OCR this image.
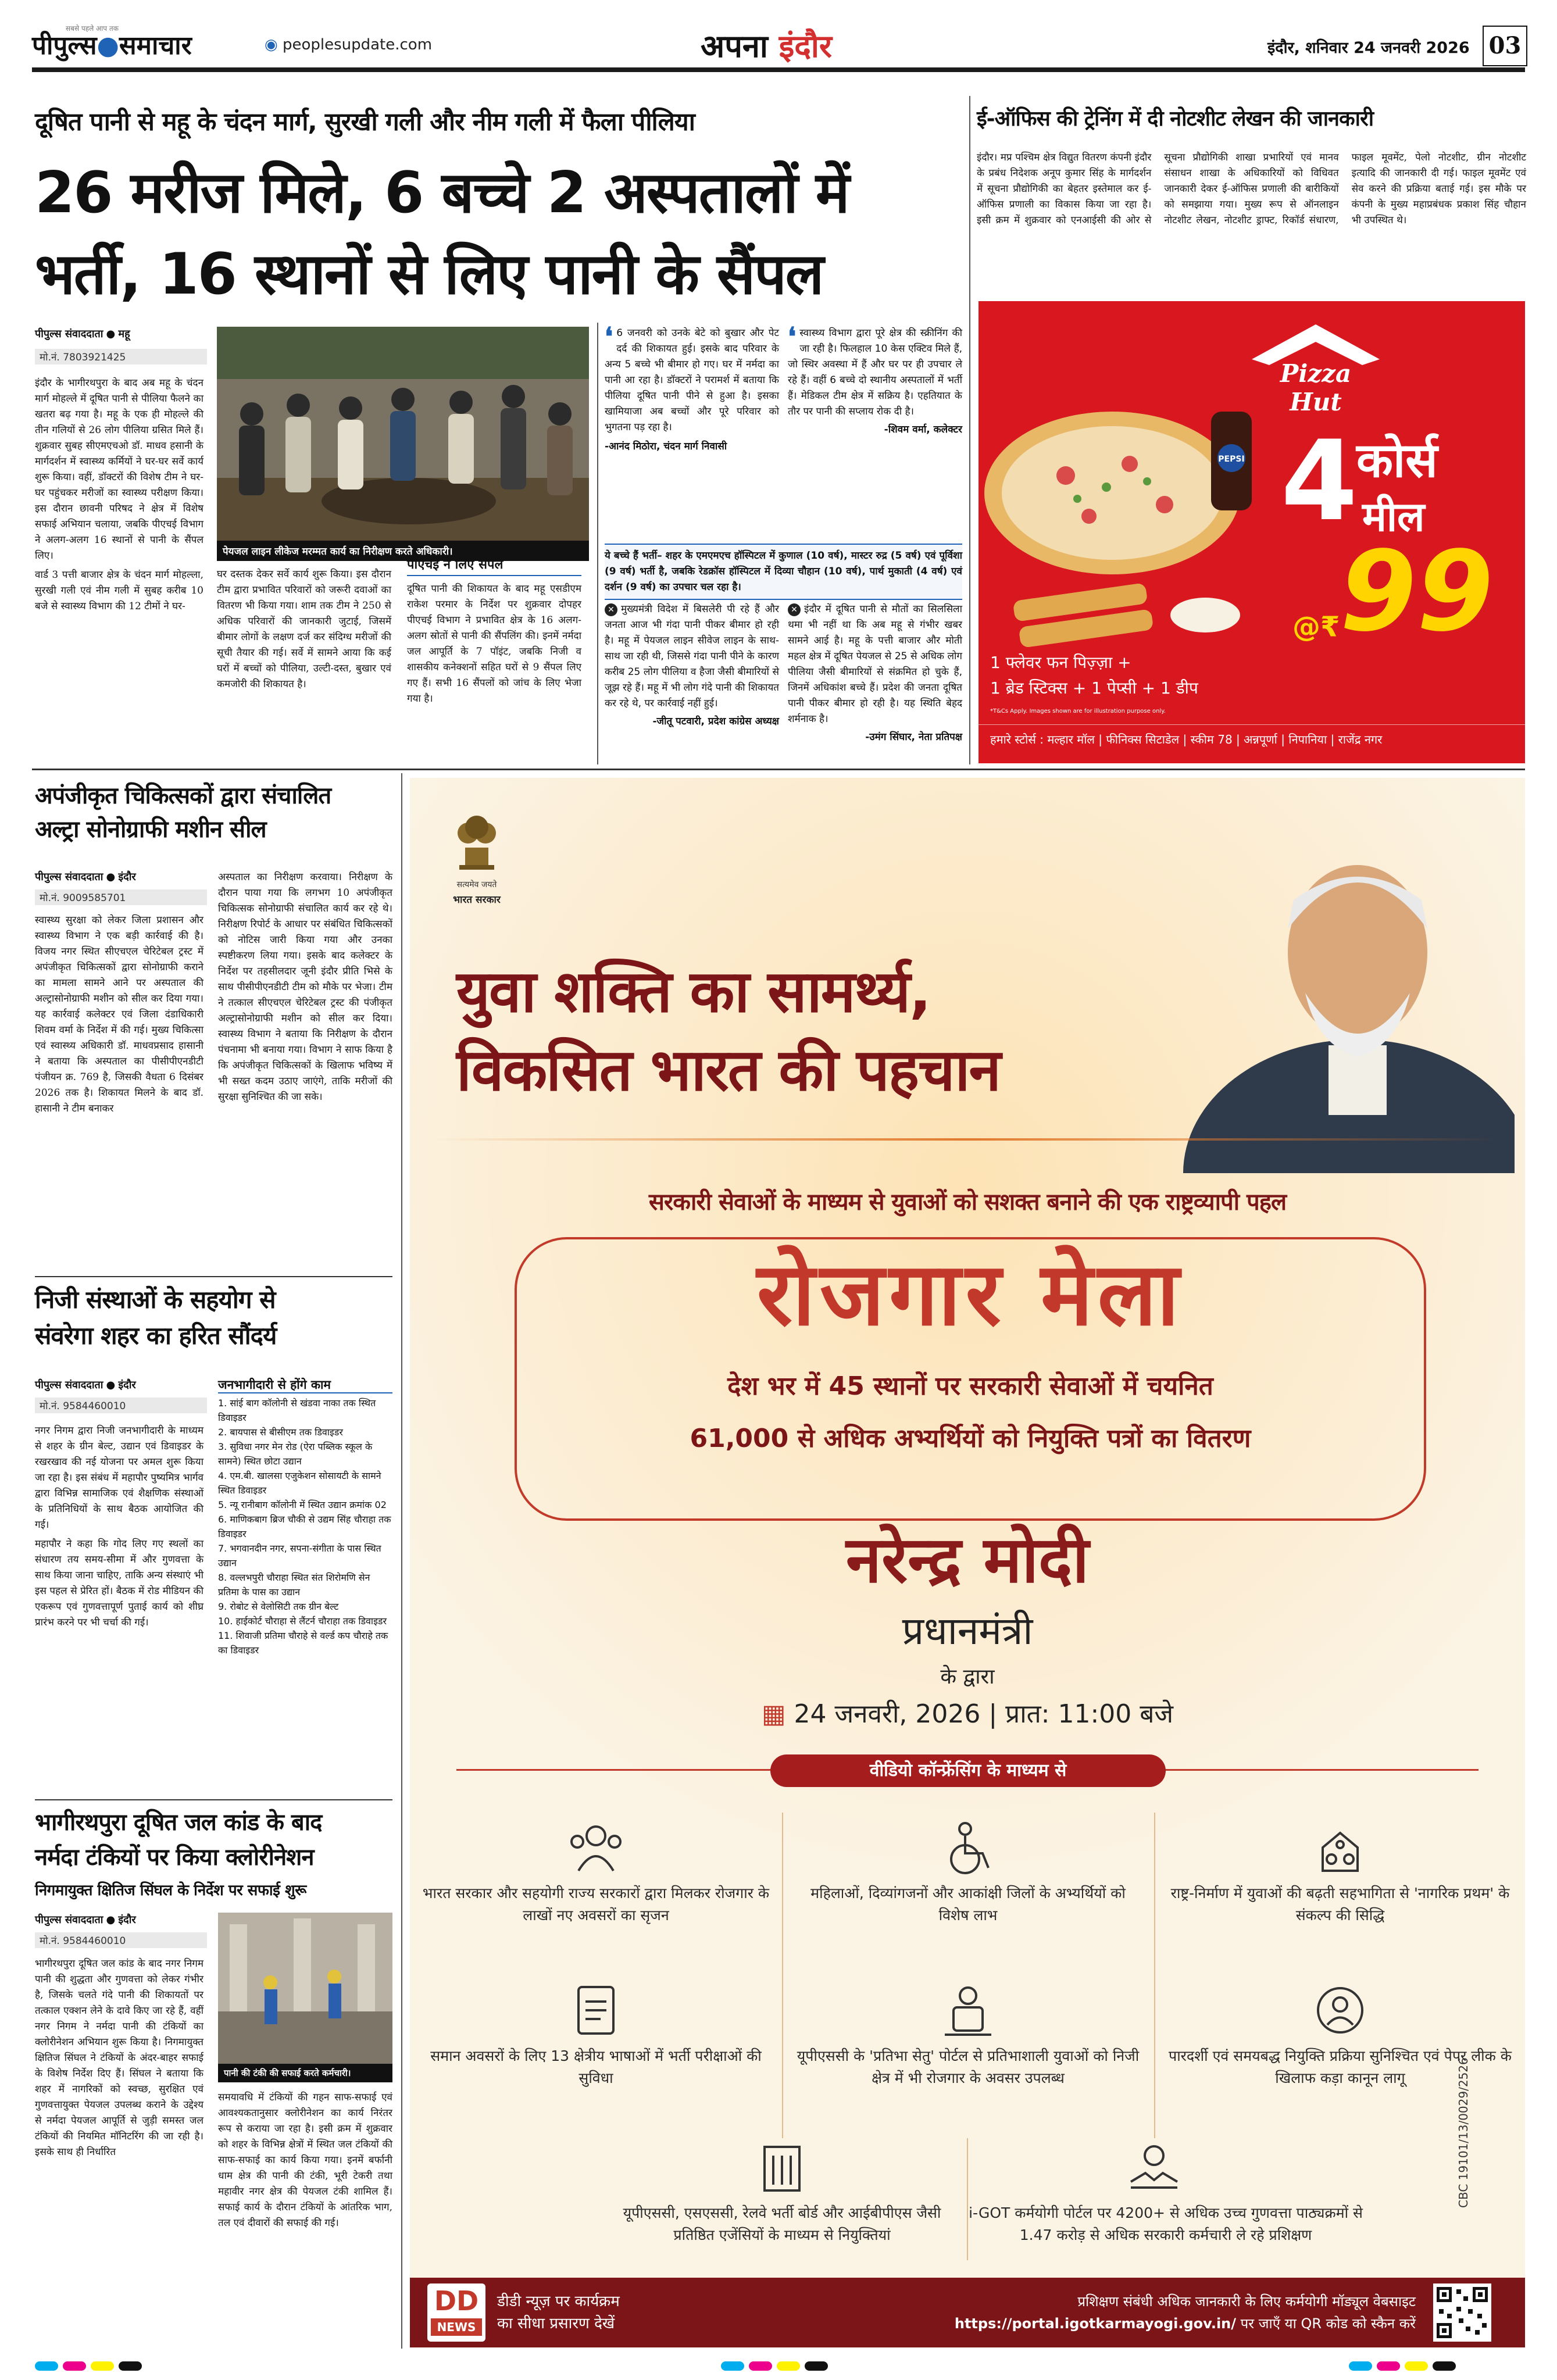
पीपुल्स●समाचार
सबसे पहले आप तक
◉ peoplesupdate.com	अपना इंदौर	इंदौर, शनिवार 24 जनवरी 2026 03
दूषित पानी से महू के चंदन मार्ग, सुरखी गली और नीम गली में फैला पीलिया
26 मरीज मिले, 6 बच्चे 2 अस्पतालों में
भर्ती, 16 स्थानों से लिए पानी के सैंपल
पीपुल्स संवाददाता ● महू
मो.नं. 7803921425

इंदौर के भागीरथपुरा के बाद अब महू के चंदन मार्ग मोहल्ले में दूषित पानी से पीलिया फैलने का खतरा बढ़ गया है। महू के एक ही मोहल्ले की तीन गलियों से 26 लोग पीलिया ग्रसित मिले हैं। शुक्रवार सुबह सीएमएचओ डॉ. माधव हसानी के मार्गदर्शन में स्वास्थ्य कर्मियों ने घर-घर सर्वे कार्य शुरू किया। वहीं, डॉक्टरों की विशेष टीम ने घर-घर पहुंचकर मरीजों का स्वास्थ्य परीक्षण किया। इस दौरान छावनी परिषद ने क्षेत्र में विशेष सफाई अभियान चलाया, जबकि पीएचई विभाग ने अलग-अलग 16 स्थानों से पानी के सैंपल लिए।

वार्ड 3 पत्ती बाजार क्षेत्र के चंदन मार्ग मोहल्ला, सुरखी गली एवं नीम गली में सुबह करीब 10 बजे से स्वास्थ्य विभाग की 12 टीमों ने घर-

पेयजल लाइन लीकेज मरम्मत कार्य का निरीक्षण करते अधिकारी।
घर दस्तक देकर सर्वे कार्य शुरू किया। इस दौरान टीम द्वारा प्रभावित परिवारों को जरूरी दवाओं का वितरण भी किया गया। शाम तक टीम ने 250 से अधिक परिवारों की जानकारी जुटाई, जिसमें बीमार लोगों के लक्षण दर्ज कर संदिग्ध मरीजों की सूची तैयार की गई। सर्वे में सामने आया कि कई घरों में बच्चों को पीलिया, उल्टी-दस्त, बुखार एवं कमजोरी की शिकायत है।
पीएचई ने लिए सैंपल
दूषित पानी की शिकायत के बाद महू एसडीएम राकेश परमार के निर्देश पर शुक्रवार दोपहर पीएचई विभाग ने प्रभावित क्षेत्र के 16 अलग-अलग स्रोतों से पानी की सैंपलिंग की। इनमें नर्मदा जल आपूर्ति के 7 पॉइंट, जबकि निजी व शासकीय कनेक्शनों सहित घरों से 9 सैंपल लिए गए हैं। सभी 16 सैंपलों को जांच के लिए भेजा गया है।
❛ 6 जनवरी को उनके बेटे को बुखार और पेट दर्द की शिकायत हुई। इसके बाद परिवार के अन्य 5 बच्चे भी बीमार हो गए। घर में नर्मदा का पानी आ रहा है। डॉक्टरों ने परामर्श में बताया कि पीलिया दूषित पानी पीने से हुआ है। इसका खामियाजा अब बच्चों और पूरे परिवार को भुगतना पड़ रहा है।
-आनंद मिठोरा, चंदन मार्ग निवासी
❛ स्वास्थ्य विभाग द्वारा पूरे क्षेत्र की स्क्रीनिंग की जा रही है। फिलहाल 10 केस एक्टिव मिले हैं, जो स्थिर अवस्था में हैं और घर पर ही उपचार ले रहे हैं। वहीं 6 बच्चे दो स्थानीय अस्पतालों में भर्ती हैं। मेडिकल टीम क्षेत्र में सक्रिय है। एहतियात के तौर पर पानी की सप्लाय रोक दी है।
-शिवम वर्मा, कलेक्टर
ये बच्चे हैं भर्ती– शहर के एमएमएच हॉस्पिटल में कुणाल (10 वर्ष), मास्टर रुद्र (5 वर्ष) एवं पूर्विशा (9 वर्ष) भर्ती है, जबकि रेडक्रॉस हॉस्पिटल में दिव्या चौहान (10 वर्ष), पार्थ मुकाती (4 वर्ष) एवं दर्शन (9 वर्ष) का उपचार चल रहा है।
✕ मुख्यमंत्री विदेश में बिसलेरी पी रहे हैं और जनता आज भी गंदा पानी पीकर बीमार हो रही है। महू में पेयजल लाइन सीवेज लाइन के साथ-साथ जा रही थी, जिससे गंदा पानी पीने के कारण करीब 25 लोग पीलिया व हैजा जैसी बीमारियों से जूझ रहे हैं। महू में भी लोग गंदे पानी की शिकायत कर रहे थे, पर कार्रवाई नहीं हुई।
-जीतू पटवारी, प्रदेश कांग्रेस अध्यक्ष
✕ इंदौर में दूषित पानी से मौतों का सिलसिला थमा भी नहीं था कि अब महू से गंभीर खबर सामने आई है। महू के पत्ती बाजार और मोती महल क्षेत्र में दूषित पेयजल से 25 से अधिक लोग पीलिया जैसी बीमारियों से संक्रमित हो चुके हैं, जिनमें अधिकांश बच्चे हैं। प्रदेश की जनता दूषित पानी पीकर बीमार हो रही है। यह स्थिति बेहद शर्मनाक है।
-उमंग सिंघार, नेता प्रतिपक्ष
ई-ऑफिस की ट्रेनिंग में दी नोटशीट लेखन की जानकारी
इंदौर। मप्र पश्चिम क्षेत्र विद्युत वितरण कंपनी इंदौर के प्रबंध निदेशक अनूप कुमार सिंह के मार्गदर्शन में सूचना प्रौद्योगिकी का बेहतर इस्तेमाल कर ई-ऑफिस प्रणाली का विकास किया जा रहा है। इसी क्रम में शुक्रवार को एनआईसी की ओर से सूचना प्रौद्योगिकी शाखा प्रभारियों एवं मानव संसाधन शाखा के अधिकारियों को विधिवत जानकारी देकर ई-ऑफिस प्रणाली की बारीकियों को समझाया गया। मुख्य रूप से ऑनलाइन नोटशीट लेखन, नोटशीट ड्राफ्ट, रिकॉर्ड संधारण, फाइल मूवमेंट, पेलो नोटशीट, ग्रीन नोटशीट इत्यादि की जानकारी दी गई। फाइल मूवमेंट एवं सेव करने की प्रक्रिया बताई गई। इस मौके पर कंपनी के मुख्य महाप्रबंधक प्रकाश सिंह चौहान भी उपस्थित थे।
Pizza Hut
PEPSI 4
कोर्स
मील
@₹99
1 फ्लेवर फन पिज़्ज़ा +
1 ब्रेड स्टिक्स + 1 पेप्सी + 1 डीप
*T&Cs Apply. Images shown are for illustration purpose only.
हमारे स्टोर्स : मल्हार मॉल | फीनिक्स सिटाडेल | स्कीम 78 | अन्नपूर्णा | निपानिया | राजेंद्र नगर
अपंजीकृत चिकित्सकों द्वारा संचालित
अल्ट्रा सोनोग्राफी मशीन सील
पीपुल्स संवाददाता ● इंदौर
मो.नं. 9009585701
स्वास्थ्य सुरक्षा को लेकर जिला प्रशासन और स्वास्थ्य विभाग ने एक बड़ी कार्रवाई की है। विजय नगर स्थित सीएचएल चेरिटेबल ट्रस्ट में अपंजीकृत चिकित्सकों द्वारा सोनोग्राफी कराने का मामला सामने आने पर अस्पताल की अल्ट्रासोनोग्राफी मशीन को सील कर दिया गया। यह कार्रवाई कलेक्टर एवं जिला दंडाधिकारी शिवम वर्मा के निर्देश में की गई। मुख्य चिकित्सा एवं स्वास्थ्य अधिकारी डॉ. माधवप्रसाद हासानी ने बताया कि अस्पताल का पीसीपीएनडीटी पंजीयन क्र. 769 है, जिसकी वैधता 6 दिसंबर 2026 तक है। शिकायत मिलने के बाद डॉ. हासानी ने टीम बनाकर
अस्पताल का निरीक्षण करवाया। निरीक्षण के दौरान पाया गया कि लगभग 10 अपंजीकृत चिकित्सक सोनोग्राफी संचालित कार्य कर रहे थे। निरीक्षण रिपोर्ट के आधार पर संबंधित चिकित्सकों को नोटिस जारी किया गया और उनका स्पष्टीकरण लिया गया। इसके बाद कलेक्टर के निर्देश पर तहसीलदार जूनी इंदौर प्रीति भिसे के साथ पीसीपीएनडीटी टीम को मौके पर भेजा। टीम ने तत्काल सीएचएल चेरिटेबल ट्रस्ट की पंजीकृत अल्ट्रासोनोग्राफी मशीन को सील कर दिया। स्वास्थ्य विभाग ने बताया कि निरीक्षण के दौरान पंचनामा भी बनाया गया। विभाग ने साफ किया है कि अपंजीकृत चिकित्सकों के खिलाफ भविष्य में भी सख्त कदम उठाए जाएंगे, ताकि मरीजों की सुरक्षा सुनिश्चित की जा सके।
निजी संस्थाओं के सहयोग से
संवरेगा शहर का हरित सौंदर्य
पीपुल्स संवाददाता ● इंदौर
मो.नं. 9584460010

नगर निगम द्वारा निजी जनभागीदारी के माध्यम से शहर के ग्रीन बेल्ट, उद्यान एवं डिवाइडर के रखरखाव की नई योजना पर अमल शुरू किया जा रहा है। इस संबंध में महापौर पुष्यमित्र भार्गव द्वारा विभिन्न सामाजिक एवं शैक्षणिक संस्थाओं के प्रतिनिधियों के साथ बैठक आयोजित की गई।

महापौर ने कहा कि गोद लिए गए स्थलों का संधारण तय समय-सीमा में और गुणवत्ता के साथ किया जाना चाहिए, ताकि अन्य संस्थाएं भी इस पहल से प्रेरित हों। बैठक में रोड मीडियन की एकरूप एवं गुणवत्तापूर्ण पुताई कार्य को शीघ्र प्रारंभ करने पर भी चर्चा की गई।

जनभागीदारी से होंगे काम
1. सांई बाग कॉलोनी से खंडवा नाका तक स्थित डिवाइडर
2. बायपास से बीसीएम तक डिवाइडर
3. सुविधा नगर मेन रोड (ऐरा पब्लिक स्कूल के सामने) स्थित छोटा उद्यान
4. एम.बी. खालसा एजुकेशन सोसायटी के सामने स्थित डिवाइडर
5. न्यू रानीबाग कॉलोनी में स्थित उद्यान क्रमांक 02
6. माणिकबाग ब्रिज चौकी से उद्यम सिंह चौराहा तक डिवाइडर
7. भगवानदीन नगर, सपना-संगीता के पास स्थित उद्यान
8. वल्लभपुरी चौराहा स्थित संत शिरोमणि सेन प्रतिमा के पास का उद्यान
9. रोबोट से वेलोसिटी तक ग्रीन बेल्ट
10. हाईकोर्ट चौराहा से लैंटर्न चौराहा तक डिवाइडर
11. शिवाजी प्रतिमा चौराहे से वर्ल्ड कप चौराहे तक का डिवाइडर
भागीरथपुरा दूषित जल कांड के बाद
नर्मदा टंकियों पर किया क्लोरीनेशन
निगमायुक्त क्षितिज सिंघल के निर्देश पर सफाई शुरू
पीपुल्स संवाददाता ● इंदौर
मो.नं. 9584460010
भागीरथपुरा दूषित जल कांड के बाद नगर निगम पानी की शुद्धता और गुणवत्ता को लेकर गंभीर है, जिसके चलते गंदे पानी की शिकायतों पर तत्काल एक्शन लेने के दावे किए जा रहे हैं, वहीं नगर निगम ने नर्मदा पानी की टंकियों का क्लोरीनेशन अभियान शुरू किया है। निगमायुक्त क्षितिज सिंघल ने टंकियों के अंदर-बाहर सफाई के विशेष निर्देश दिए हैं। सिंघल ने बताया कि शहर में नागरिकों को स्वच्छ, सुरक्षित एवं गुणवत्तायुक्त पेयजल उपलब्ध कराने के उद्देश्य से नर्मदा पेयजल आपूर्ति से जुड़ी समस्त जल टंकियों की नियमित मॉनिटरिंग की जा रही है। इसके साथ ही निर्धारित
पानी की टंकी की सफाई करते कर्मचारी।
समयावधि में टंकियों की गहन साफ-सफाई एवं आवश्यकतानुसार क्लोरीनेशन का कार्य निरंतर रूप से कराया जा रहा है। इसी क्रम में शुक्रवार को शहर के विभिन्न क्षेत्रों में स्थित जल टंकियों की साफ-सफाई का कार्य किया गया। इनमें बर्फानी धाम क्षेत्र की पानी की टंकी, भूरी टेकरी तथा महावीर नगर क्षेत्र की पेयजल टंकी शामिल हैं। सफाई कार्य के दौरान टंकियों के आंतरिक भाग, तल एवं दीवारों की सफाई की गई।
सत्यमेव जयते
भारत सरकार
युवा शक्ति का सामर्थ्य,
विकसित भारत की पहचान
सरकारी सेवाओं के माध्यम से युवाओं को सशक्त बनाने की एक राष्ट्रव्यापी पहल
रोजगार मेला
देश भर में 45 स्थानों पर सरकारी सेवाओं में चयनित
61,000 से अधिक अभ्यर्थियों को नियुक्ति पत्रों का वितरण
नरेन्द्र मोदी
प्रधानमंत्री
के द्वारा
▦ 24 जनवरी, 2026 | प्रात: 11:00 बजे
वीडियो कॉन्फ्रेंसिंग के माध्यम से
भारत सरकार और सहयोगी राज्य सरकारों द्वारा मिलकर रोजगार के लाखों नए अवसरों का सृजन
महिलाओं, दिव्यांगजनों और आकांक्षी जिलों के अभ्यर्थियों को विशेष लाभ
राष्ट्र-निर्माण में युवाओं की बढ़ती सहभागिता से 'नागरिक प्रथम' के संकल्प की सिद्धि
समान अवसरों के लिए 13 क्षेत्रीय भाषाओं में भर्ती परीक्षाओं की सुविधा
यूपीएससी के 'प्रतिभा सेतु' पोर्टल से प्रतिभाशाली युवाओं को निजी क्षेत्र में भी रोजगार के अवसर उपलब्ध
पारदर्शी एवं समयबद्ध नियुक्ति प्रक्रिया सुनिश्चित एवं पेपर लीक के खिलाफ कड़ा कानून लागू
यूपीएससी, एसएससी, रेलवे भर्ती बोर्ड और आईबीपीएस जैसी प्रतिष्ठित एजेंसियों के माध्यम से नियुक्तियां
i-GOT कर्मयोगी पोर्टल पर 4200+ से अधिक उच्च गुणवत्ता पाठ्यक्रमों से 1.47 करोड़ से अधिक सरकारी कर्मचारी ले रहे प्रशिक्षण
CBC 19101/13/0029/2526
DD
NEWS
डीडी न्यूज़ पर कार्यक्रम
का सीधा प्रसारण देखें
प्रशिक्षण संबंधी अधिक जानकारी के लिए कर्मयोगी मॉड्यूल वेबसाइट
https://portal.igotkarmayogi.gov.in/ पर जाएँ या QR कोड को स्कैन करें
